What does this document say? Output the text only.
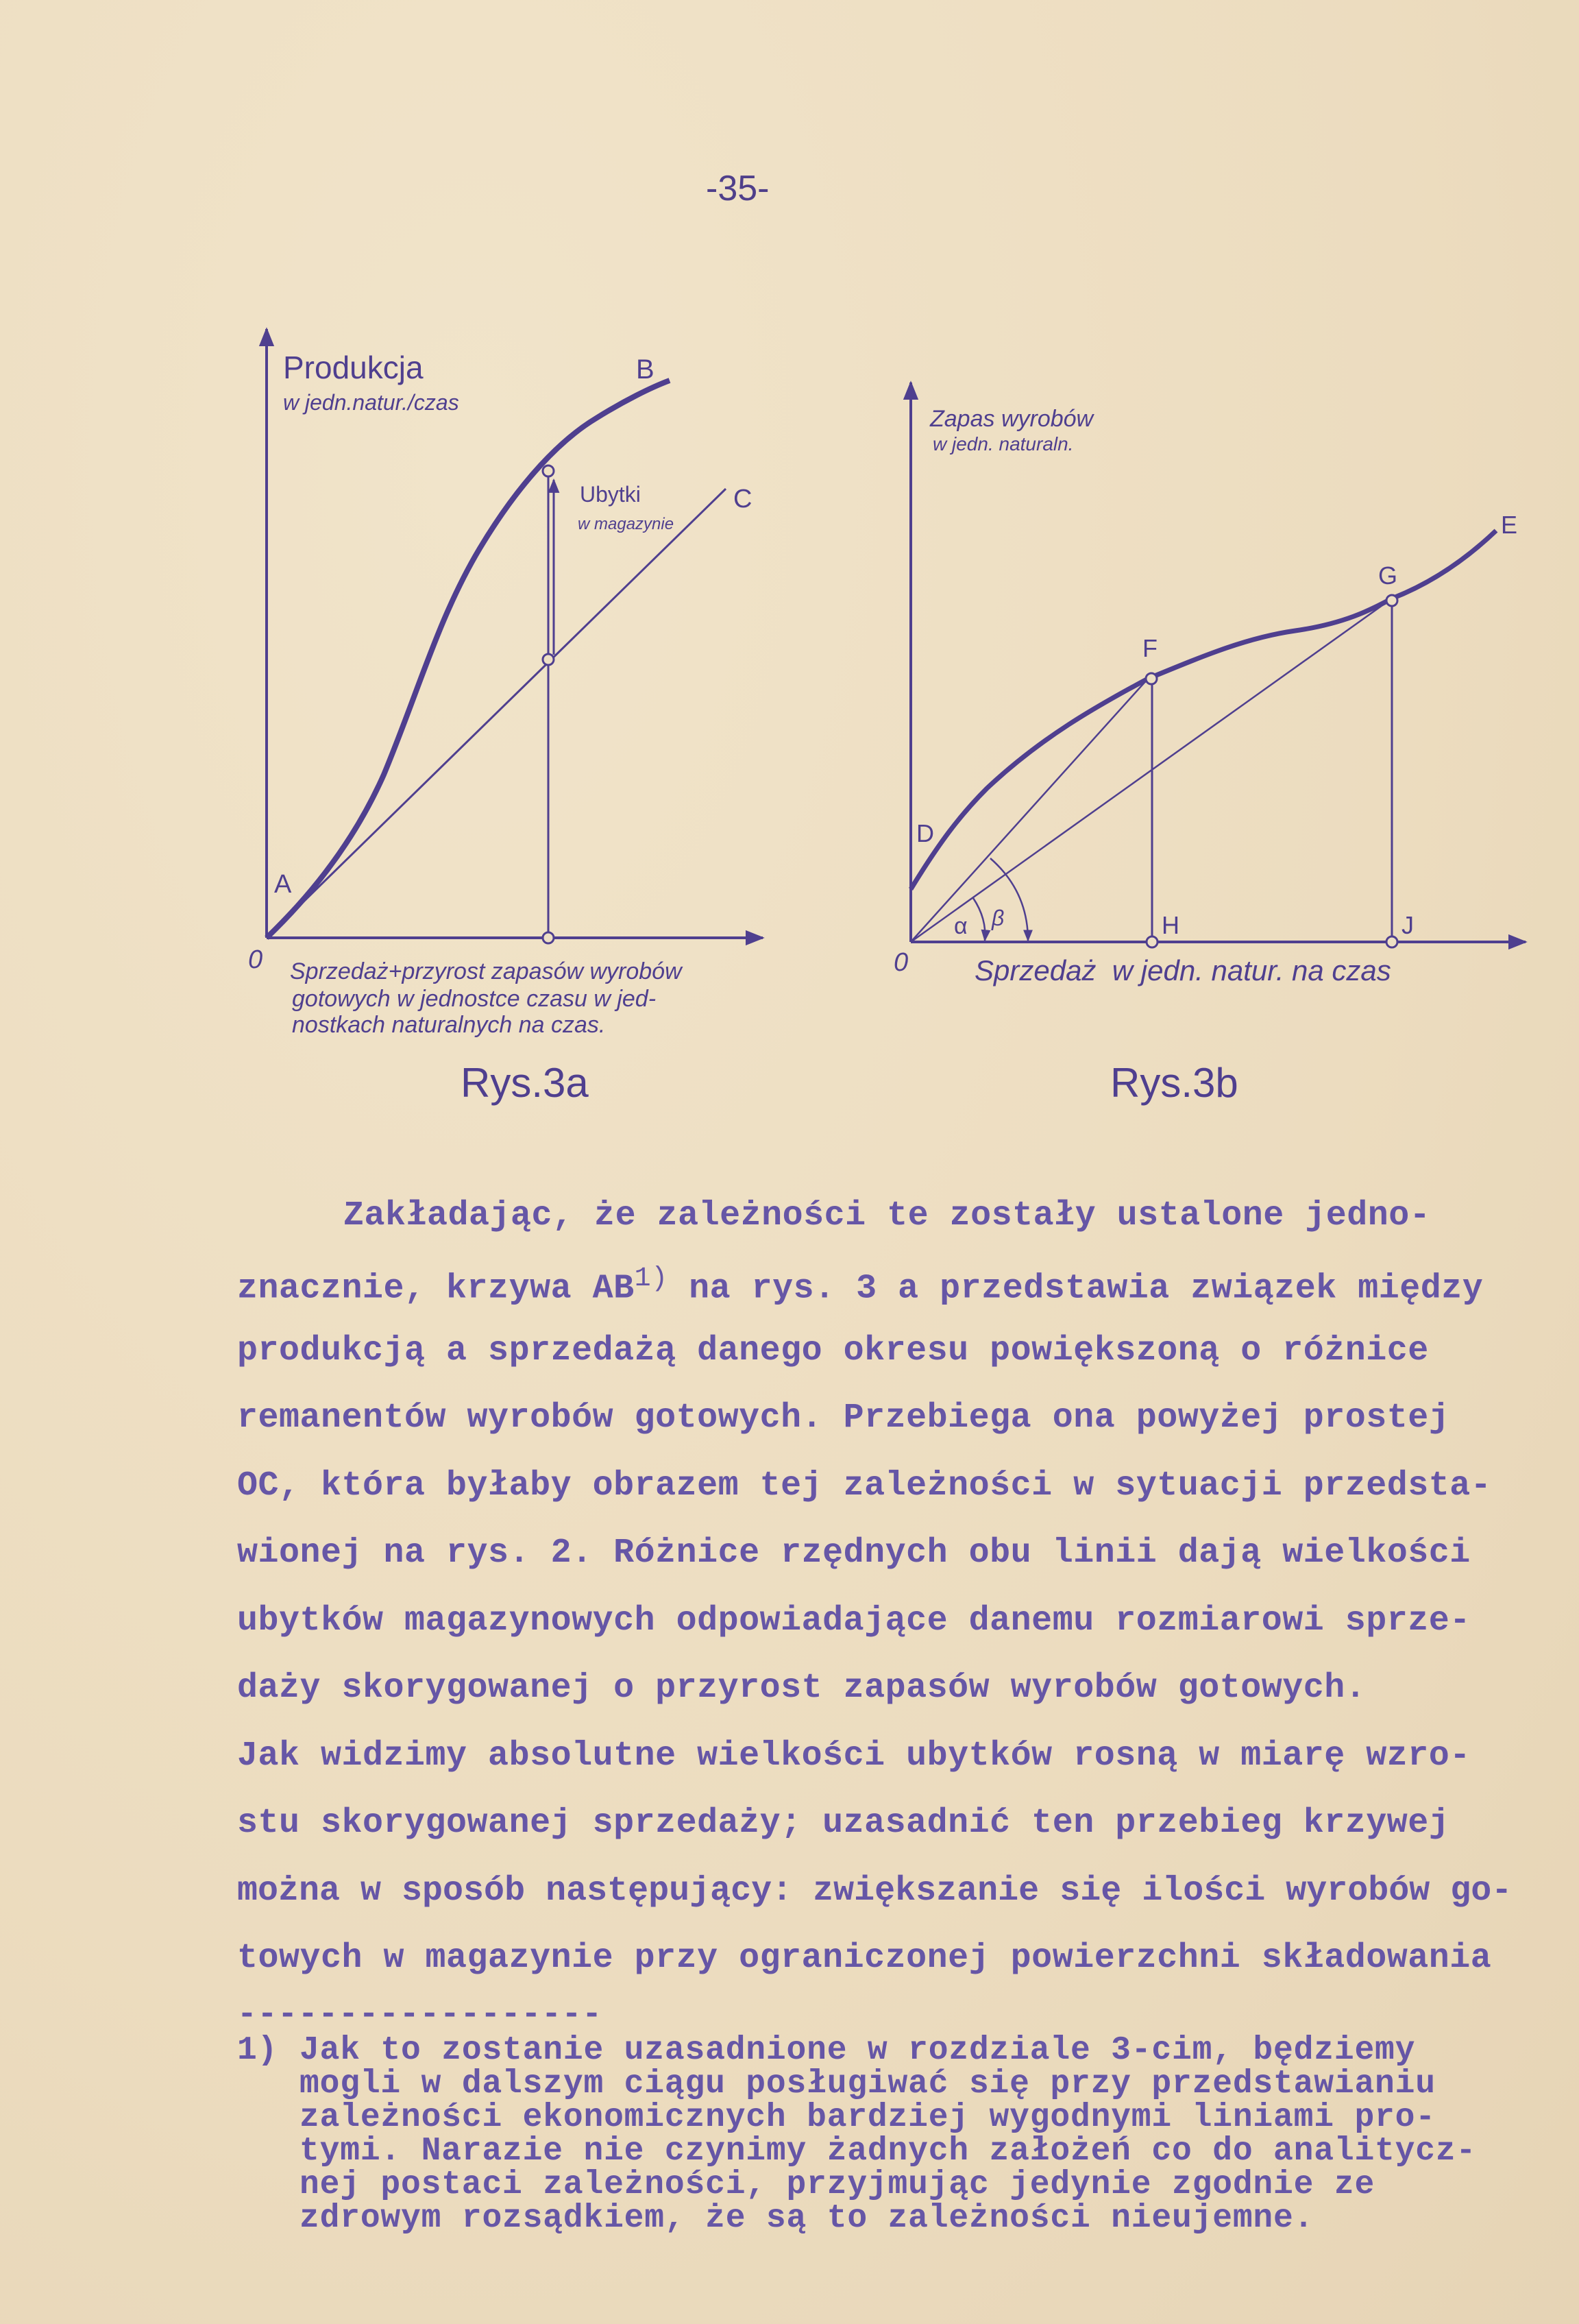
-35-
Produkcja
w jedn.natur./czas
B
C
A
0
Ubytki
w magazynie
Sprzedaż+przyrost zapasów wyrobów
gotowych w jednostce czasu w jed-
nostkach naturalnych na czas.
Rys.3a
Zapas wyrobów
w jedn. naturaln.
D
E
F
G
H	J
α β
0 Sprzedaż  w jedn. natur. na czas
Rys.3b
Zakładając, że zależności te zostały ustalone jedno-
znacznie, krzywa AB$^{1)}$ na rys. 3 a przedstawia związek między
produkcją a sprzedażą danego okresu powiększoną o różnice
remanentów wyrobów gotowych. Przebiega ona powyżej prostej
OC, która byłaby obrazem tej zależności w sytuacji przedsta-
wionej na rys. 2. Różnice rzędnych obu linii dają wielkości
ubytków magazynowych odpowiadające danemu rozmiarowi sprze-
daży skorygowanej o przyrost zapasów wyrobów gotowych.
Jak widzimy absolutne wielkości ubytków rosną w miarę wzro-
stu skorygowanej sprzedaży; uzasadnić ten przebieg krzywej
można w sposób następujący: zwiększanie się ilości wyrobów go-
towych w magazynie przy ograniczonej powierzchni składowania
------------------
1) Jak to zostanie uzasadnione w rozdziale 3-cim, będziemy
mogli w dalszym ciągu posługiwać się przy przedstawianiu
zależności ekonomicznych bardziej wygodnymi liniami pro-
tymi. Narazie nie czynimy żadnych założeń co do analitycz-
nej postaci zależności, przyjmując jedynie zgodnie ze
zdrowym rozsądkiem, że są to zależności nieujemne.
